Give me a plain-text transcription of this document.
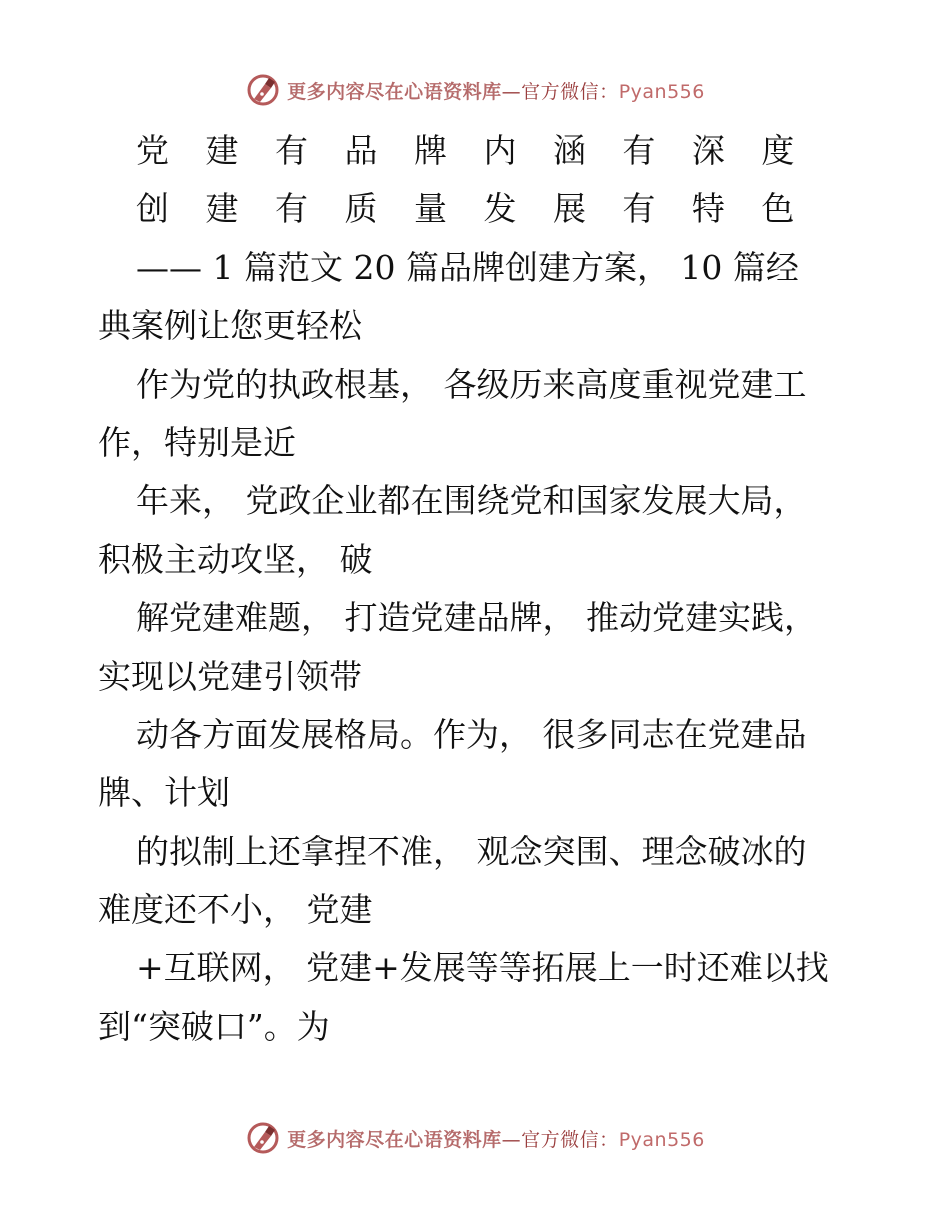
更多内容尽在心语资料库—官方微信：Pyan556
党 建 有 品 牌 内 涵 有 深 度
创 建 有 质 量 发 展 有 特 色
—— 1 篇范文 20 篇品牌创建方案， 10 篇经
典案例让您更轻松
作为党的执政根基， 各级历来高度重视党建工
作，特别是近
年来， 党政企业都在围绕党和国家发展大局，
积极主动攻坚， 破
解党建难题， 打造党建品牌， 推动党建实践，
实现以党建引领带
动各方面发展格局。作为， 很多同志在党建品
牌、计划
的拟制上还拿捏不准， 观念突围、理念破冰的
难度还不小， 党建
+互联网， 党建+发展等等拓展上一时还难以找
到“突破口”。为
更多内容尽在心语资料库—官方微信：Pyan556
